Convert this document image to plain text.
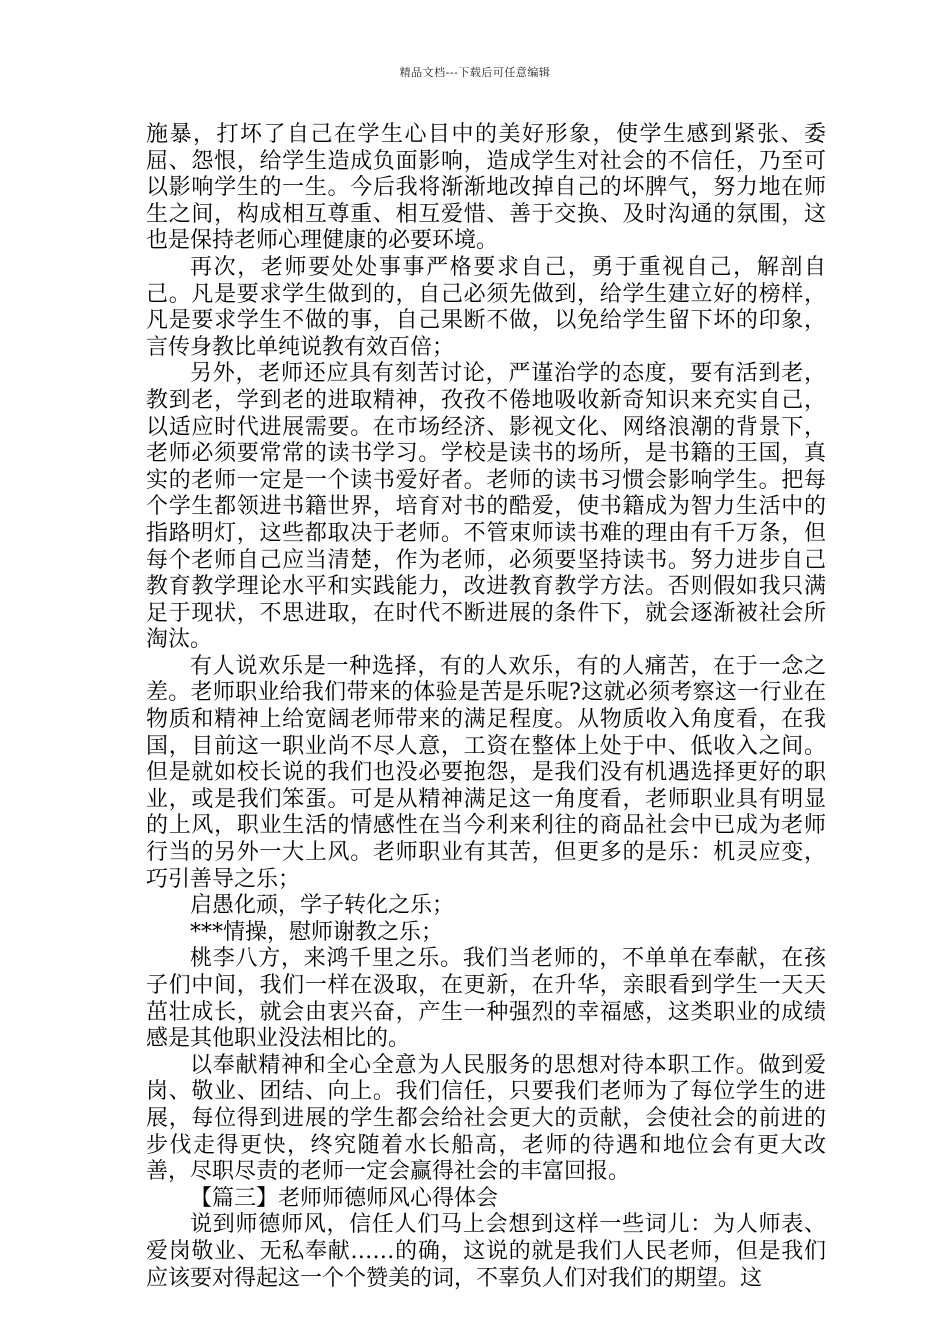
精品文档---下载后可任意编辑

施暴，打坏了自己在学生心目中的美好形象，使学生感到紧张、委屈、怨恨，给学生造成负面影响，造成学生对社会的不信任，乃至可以影响学生的一生。今后我将渐渐地改掉自己的坏脾气，努力地在师生之间，构成相互尊重、相互爱惜、善于交换、及时沟通的氛围，这也是保持老师心理健康的必要环境。

再次，老师要处处事事严格要求自己，勇于重视自己，解剖自己。凡是要求学生做到的，自己必须先做到，给学生建立好的榜样，凡是要求学生不做的事，自己果断不做，以免给学生留下坏的印象，言传身教比单纯说教有效百倍；

另外，老师还应具有刻苦讨论，严谨治学的态度，要有活到老，教到老，学到老的进取精神，孜孜不倦地吸收新奇知识来充实自己，以适应时代进展需要。在市场经济、影视文化、网络浪潮的背景下，老师必须要常常的读书学习。学校是读书的场所，是书籍的王国，真实的老师一定是一个读书爱好者。老师的读书习惯会影响学生。把每个学生都领进书籍世界，培育对书的酷爱，使书籍成为智力生活中的指路明灯，这些都取决于老师。不管束师读书难的理由有千万条，但每个老师自己应当清楚，作为老师，必须要坚持读书。努力进步自己教育教学理论水平和实践能力，改进教育教学方法。否则假如我只满足于现状，不思进取，在时代不断进展的条件下，就会逐渐被社会所淘汰。

有人说欢乐是一种选择，有的人欢乐，有的人痛苦，在于一念之差。老师职业给我们带来的体验是苦是乐呢?这就必须考察这一行业在物质和精神上给宽阔老师带来的满足程度。从物质收入角度看，在我国，目前这一职业尚不尽人意，工资在整体上处于中、低收入之间。但是就如校长说的我们也没必要抱怨，是我们没有机遇选择更好的职业，或是我们笨蛋。可是从精神满足这一角度看，老师职业具有明显的上风，职业生活的情感性在当今利来利往的商品社会中已成为老师行当的另外一大上风。老师职业有其苦，但更多的是乐：机灵应变，巧引善导之乐；

启愚化顽，学子转化之乐；

***情操，慰师谢教之乐；

桃李八方，来鸿千里之乐。我们当老师的，不单单在奉献，在孩子们中间，我们一样在汲取，在更新，在升华，亲眼看到学生一天天茁壮成长，就会由衷兴奋，产生一种强烈的幸福感，这类职业的成绩感是其他职业没法相比的。

以奉献精神和全心全意为人民服务的思想对待本职工作。做到爱岗、敬业、团结、向上。我们信任，只要我们老师为了每位学生的进展，每位得到进展的学生都会给社会更大的贡献，会使社会的前进的步伐走得更快，终究随着水长船高，老师的待遇和地位会有更大改善，尽职尽责的老师一定会赢得社会的丰富回报。

【篇三】老师师德师风心得体会

说到师德师风，信任人们马上会想到这样一些词儿：为人师表、爱岗敬业、无私奉献……的确，这说的就是我们人民老师，但是我们应该要对得起这一个个赞美的词，不辜负人们对我们的期望。这
